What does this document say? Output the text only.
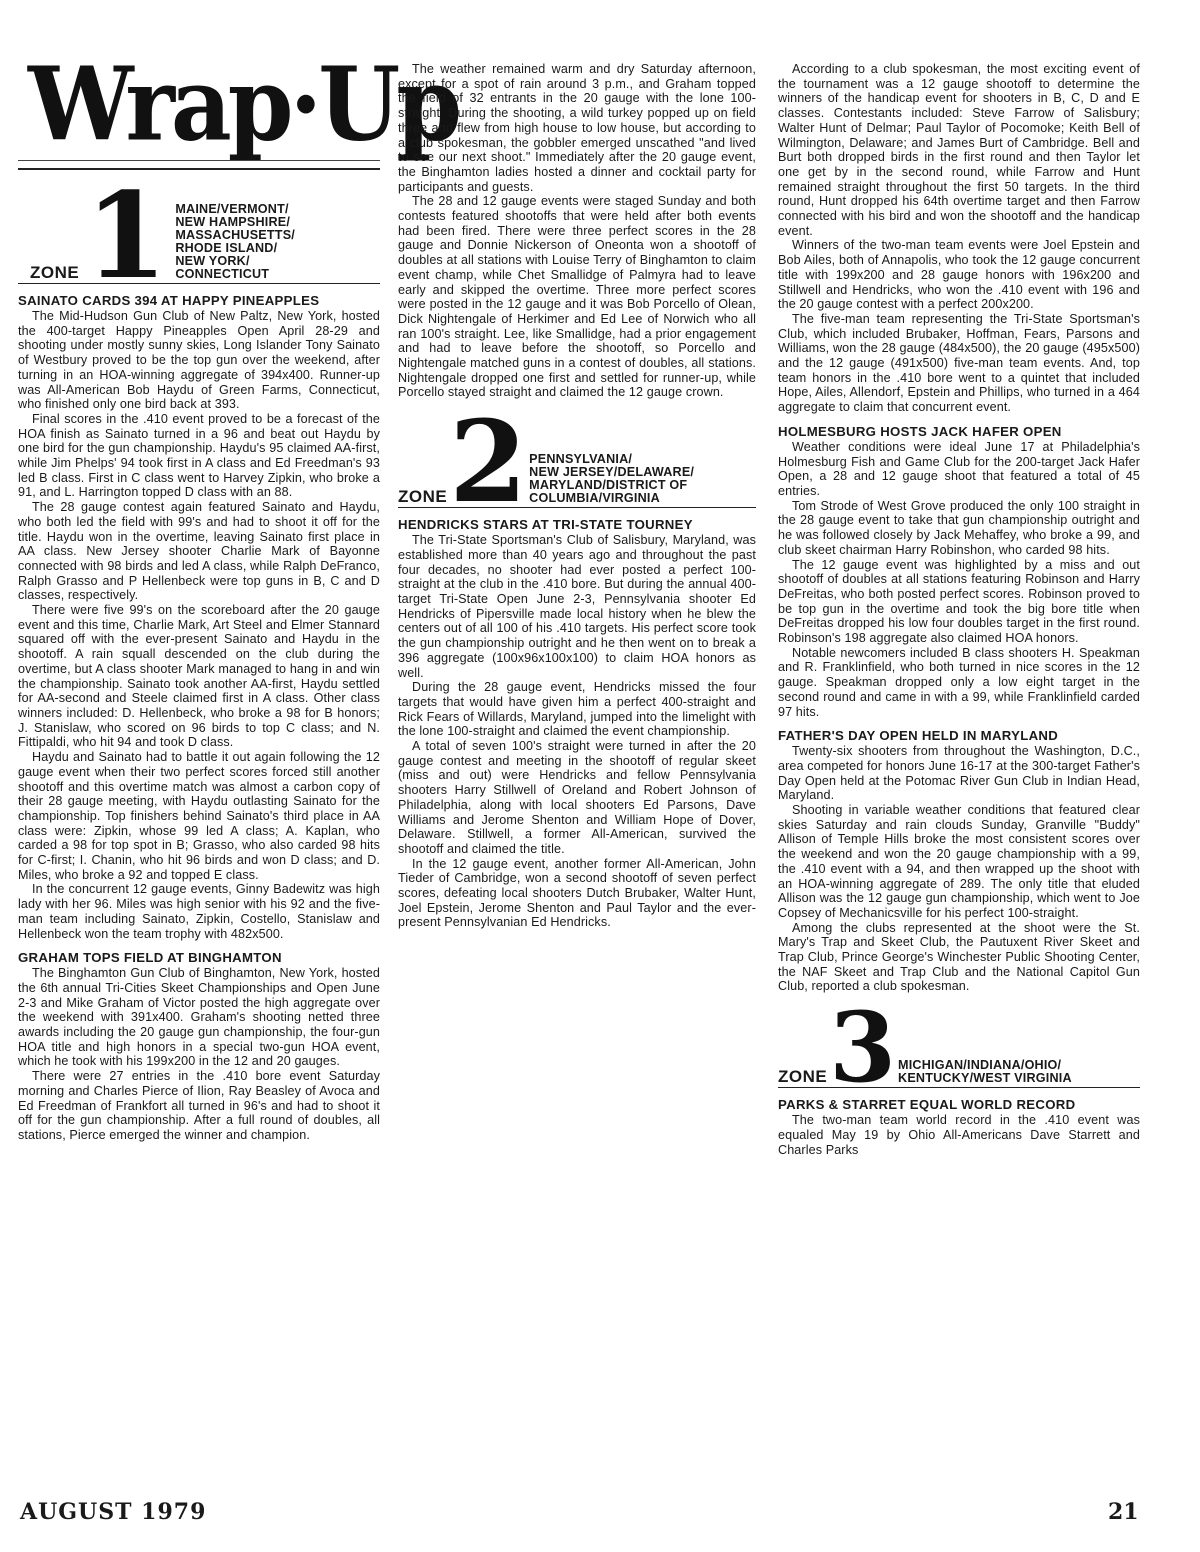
Wrap·Up
ZONE 1 MAINE/VERMONT/
NEW HAMPSHIRE/
MASSACHUSETTS/
RHODE ISLAND/
NEW YORK/
CONNECTICUT
SAINATO CARDS 394 AT HAPPY PINEAPPLES

The Mid-Hudson Gun Club of New Paltz, New York, hosted the 400-target Happy Pineapples Open April 28-29 and shooting under mostly sunny skies, Long Islander Tony Sainato of Westbury proved to be the top gun over the weekend, after turning in an HOA-winning aggregate of 394x400. Runner-up was All-American Bob Haydu of Green Farms, Connecticut, who finished only one bird back at 393.

Final scores in the .410 event proved to be a forecast of the HOA finish as Sainato turned in a 96 and beat out Haydu by one bird for the gun championship. Haydu's 95 claimed AA-first, while Jim Phelps' 94 took first in A class and Ed Freedman's 93 led B class. First in C class went to Harvey Zipkin, who broke a 91, and L. Harrington topped D class with an 88.

The 28 gauge contest again featured Sainato and Haydu, who both led the field with 99's and had to shoot it off for the title. Haydu won in the overtime, leaving Sainato first place in AA class. New Jersey shooter Charlie Mark of Bayonne connected with 98 birds and led A class, while Ralph DeFranco, Ralph Grasso and P Hellenbeck were top guns in B, C and D classes, respectively.

There were five 99's on the scoreboard after the 20 gauge event and this time, Charlie Mark, Art Steel and Elmer Stannard squared off with the ever-present Sainato and Haydu in the shootoff. A rain squall descended on the club during the overtime, but A class shooter Mark managed to hang in and win the championship. Sainato took another AA-first, Haydu settled for AA-second and Steele claimed first in A class. Other class winners included: D. Hellenbeck, who broke a 98 for B honors; J. Stanislaw, who scored on 96 birds to top C class; and N. Fittipaldi, who hit 94 and took D class.

Haydu and Sainato had to battle it out again following the 12 gauge event when their two perfect scores forced still another shootoff and this overtime match was almost a carbon copy of their 28 gauge meeting, with Haydu outlasting Sainato for the championship. Top finishers behind Sainato's third place in AA class were: Zipkin, whose 99 led A class; A. Kaplan, who carded a 98 for top spot in B; Grasso, who also carded 98 hits for C-first; I. Chanin, who hit 96 birds and won D class; and D. Miles, who broke a 92 and topped E class.

In the concurrent 12 gauge events, Ginny Badewitz was high lady with her 96. Miles was high senior with his 92 and the five-man team including Sainato, Zipkin, Costello, Stanislaw and Hellenbeck won the team trophy with 482x500.

GRAHAM TOPS FIELD AT BINGHAMTON

The Binghamton Gun Club of Binghamton, New York, hosted the 6th annual Tri-Cities Skeet Championships and Open June 2-3 and Mike Graham of Victor posted the high aggregate over the weekend with 391x400. Graham's shooting netted three awards including the 20 gauge gun championship, the four-gun HOA title and high honors in a special two-gun HOA event, which he took with his 199x200 in the 12 and 20 gauges.

There were 27 entries in the .410 bore event Saturday morning and Charles Pierce of Ilion, Ray Beasley of Avoca and Ed Freedman of Frankfort all turned in 96's and had to shoot it off for the gun championship. After a full round of doubles, all stations, Pierce emerged the winner and champion.

The weather remained warm and dry Saturday afternoon, except for a spot of rain around 3 p.m., and Graham topped the field of 32 entrants in the 20 gauge with the lone 100-straight. During the shooting, a wild turkey popped up on field three and flew from high house to low house, but according to a club spokesman, the gobbler emerged unscathed "and lived to see our next shoot." Immediately after the 20 gauge event, the Binghamton ladies hosted a dinner and cocktail party for participants and guests.

The 28 and 12 gauge events were staged Sunday and both contests featured shootoffs that were held after both events had been fired. There were three perfect scores in the 28 gauge and Donnie Nickerson of Oneonta won a shootoff of doubles at all stations with Louise Terry of Binghamton to claim event champ, while Chet Smallidge of Palmyra had to leave early and skipped the overtime. Three more perfect scores were posted in the 12 gauge and it was Bob Porcello of Olean, Dick Nightengale of Herkimer and Ed Lee of Norwich who all ran 100's straight. Lee, like Smallidge, had a prior engagement and had to leave before the shootoff, so Porcello and Nightengale matched guns in a contest of doubles, all stations. Nightengale dropped one first and settled for runner-up, while Porcello stayed straight and claimed the 12 gauge crown.

ZONE 2 PENNSYLVANIA/
NEW JERSEY/DELAWARE/
MARYLAND/DISTRICT OF
COLUMBIA/VIRGINIA
HENDRICKS STARS AT TRI-STATE TOURNEY

The Tri-State Sportsman's Club of Salisbury, Maryland, was established more than 40 years ago and throughout the past four decades, no shooter had ever posted a perfect 100-straight at the club in the .410 bore. But during the annual 400-target Tri-State Open June 2-3, Pennsylvania shooter Ed Hendricks of Pipersville made local history when he blew the centers out of all 100 of his .410 targets. His perfect score took the gun championship outright and he then went on to break a 396 aggregate (100x96x100x100) to claim HOA honors as well.

During the 28 gauge event, Hendricks missed the four targets that would have given him a perfect 400-straight and Rick Fears of Willards, Maryland, jumped into the limelight with the lone 100-straight and claimed the event championship.

A total of seven 100's straight were turned in after the 20 gauge contest and meeting in the shootoff of regular skeet (miss and out) were Hendricks and fellow Pennsylvania shooters Harry Stillwell of Oreland and Robert Johnson of Philadelphia, along with local shooters Ed Parsons, Dave Williams and Jerome Shenton and William Hope of Dover, Delaware. Stillwell, a former All-American, survived the shootoff and claimed the title.

In the 12 gauge event, another former All-American, John Tieder of Cambridge, won a second shootoff of seven perfect scores, defeating local shooters Dutch Brubaker, Walter Hunt, Joel Epstein, Jerome Shenton and Paul Taylor and the ever-present Pennsylvanian Ed Hendricks.

According to a club spokesman, the most exciting event of the tournament was a 12 gauge shootoff to determine the winners of the handicap event for shooters in B, C, D and E classes. Contestants included: Steve Farrow of Salisbury; Walter Hunt of Delmar; Paul Taylor of Pocomoke; Keith Bell of Wilmington, Delaware; and James Burt of Cambridge. Bell and Burt both dropped birds in the first round and then Taylor let one get by in the second round, while Farrow and Hunt remained straight throughout the first 50 targets. In the third round, Hunt dropped his 64th overtime target and then Farrow connected with his bird and won the shootoff and the handicap event.

Winners of the two-man team events were Joel Epstein and Bob Ailes, both of Annapolis, who took the 12 gauge concurrent title with 199x200 and 28 gauge honors with 196x200 and Stillwell and Hendricks, who won the .410 event with 196 and the 20 gauge contest with a perfect 200x200.

The five-man team representing the Tri-State Sportsman's Club, which included Brubaker, Hoffman, Fears, Parsons and Williams, won the 28 gauge (484x500), the 20 gauge (495x500) and the 12 gauge (491x500) five-man team events. And, top team honors in the .410 bore went to a quintet that included Hope, Ailes, Allendorf, Epstein and Phillips, who turned in a 464 aggregate to claim that concurrent event.

HOLMESBURG HOSTS JACK HAFER OPEN

Weather conditions were ideal June 17 at Philadelphia's Holmesburg Fish and Game Club for the 200-target Jack Hafer Open, a 28 and 12 gauge shoot that featured a total of 45 entries.

Tom Strode of West Grove produced the only 100 straight in the 28 gauge event to take that gun championship outright and he was followed closely by Jack Mehaffey, who broke a 99, and club skeet chairman Harry Robinshon, who carded 98 hits.

The 12 gauge event was highlighted by a miss and out shootoff of doubles at all stations featuring Robinson and Harry DeFreitas, who both posted perfect scores. Robinson proved to be top gun in the overtime and took the big bore title when DeFreitas dropped his low four doubles target in the first round. Robinson's 198 aggregate also claimed HOA honors.

Notable newcomers included B class shooters H. Speakman and R. Franklinfield, who both turned in nice scores in the 12 gauge. Speakman dropped only a low eight target in the second round and came in with a 99, while Franklinfield carded 97 hits.

FATHER'S DAY OPEN HELD IN MARYLAND

Twenty-six shooters from throughout the Washington, D.C., area competed for honors June 16-17 at the 300-target Father's Day Open held at the Potomac River Gun Club in Indian Head, Maryland.

Shooting in variable weather conditions that featured clear skies Saturday and rain clouds Sunday, Granville "Buddy" Allison of Temple Hills broke the most consistent scores over the weekend and won the 20 gauge championship with a 99, the .410 event with a 94, and then wrapped up the shoot with an HOA-winning aggregate of 289. The only title that eluded Allison was the 12 gauge gun championship, which went to Joe Copsey of Mechanicsville for his perfect 100-straight.

Among the clubs represented at the shoot were the St. Mary's Trap and Skeet Club, the Pautuxent River Skeet and Trap Club, Prince George's Winchester Public Shooting Center, the NAF Skeet and Trap Club and the National Capitol Gun Club, reported a club spokesman.

ZONE 3 MICHIGAN/INDIANA/OHIO/
KENTUCKY/WEST VIRGINIA
PARKS & STARRET EQUAL WORLD RECORD

The two-man team world record in the .410 event was equaled May 19 by Ohio All-Americans Dave Starrett and Charles Parks

AUGUST 1979	21
